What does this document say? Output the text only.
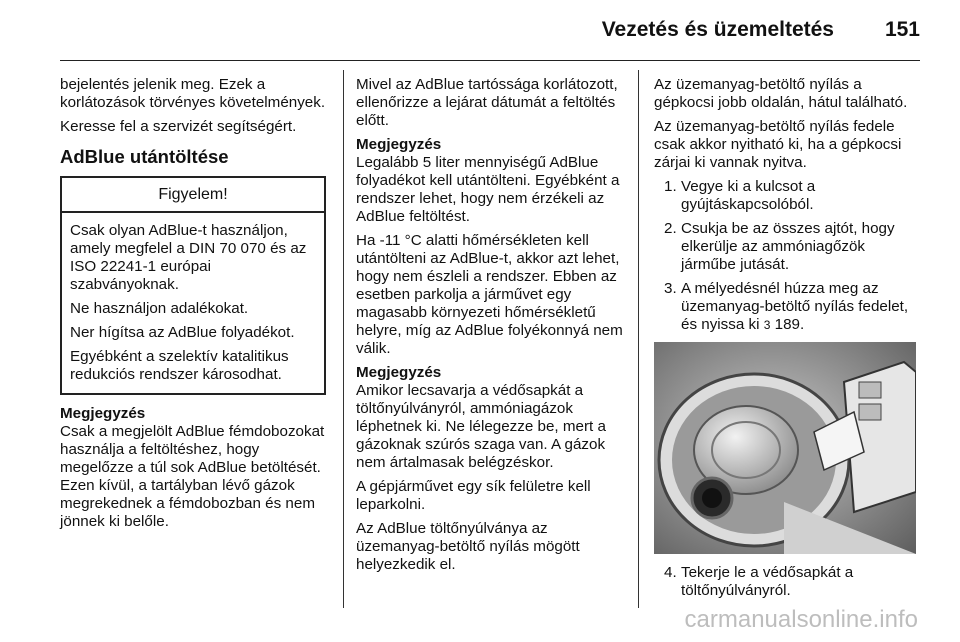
Vezetés és üzemeltetés 151

bejelentés jelenik meg. Ezek a korlátozások törvényes követelmények.

Keresse fel a szervizét segítségért.

AdBlue utántöltése
Figyelem!

Csak olyan AdBlue-t használjon, amely megfelel a DIN 70 070 és az ISO 22241-1 európai szabványoknak.

Ne használjon adalékokat.

Ner hígítsa az AdBlue folyadékot.

Egyébként a szelektív katalitikus redukciós rendszer károsodhat.

Megjegyzés

Csak a megjelölt AdBlue fémdobozokat használja a feltöltéshez, hogy megelőzze a túl sok AdBlue betöltését. Ezen kívül, a tartályban lévő gázok megrekednek a fémdobozban és nem jönnek ki belőle.

Mivel az AdBlue tartóssága korlátozott, ellenőrizze a lejárat dátumát a feltöltés előtt.

Megjegyzés

Legalább 5 liter mennyiségű AdBlue folyadékot kell utántölteni. Egyébként a rendszer lehet, hogy nem érzékeli az AdBlue feltöltést.

Ha -11 °C alatti hőmérsékleten kell utántölteni az AdBlue-t, akkor azt lehet, hogy nem észleli a rendszer. Ebben az esetben parkolja a járművet egy magasabb környezeti hőmérsékletű helyre, míg az AdBlue folyékonnyá nem válik.

Megjegyzés

Amikor lecsavarja a védősapkát a töltőnyúlványról, ammóniagázok léphetnek ki. Ne lélegezze be, mert a gázoknak szúrós szaga van. A gázok nem ártalmasak belégzéskor.

A gépjárművet egy sík felületre kell leparkolni.

Az AdBlue töltőnyúlványa az üzemanyag-betöltő nyílás mögött helyezkedik el.

Az üzemanyag-betöltő nyílás a gépkocsi jobb oldalán, hátul található.

Az üzemanyag-betöltő nyílás fedele csak akkor nyitható ki, ha a gépkocsi zárjai ki vannak nyitva.

1. Vegye ki a kulcsot a gyújtáskapcsolóból.
2. Csukja be az összes ajtót, hogy elkerülje az ammóniagőzök járműbe jutását.
3. A mélyedésnél húzza meg az üzemanyag-betöltő nyílás fedelet, és nyissa ki 3 189.
4. Tekerje le a védősapkát a töltőnyúlványról.
carmanualsonline.info
